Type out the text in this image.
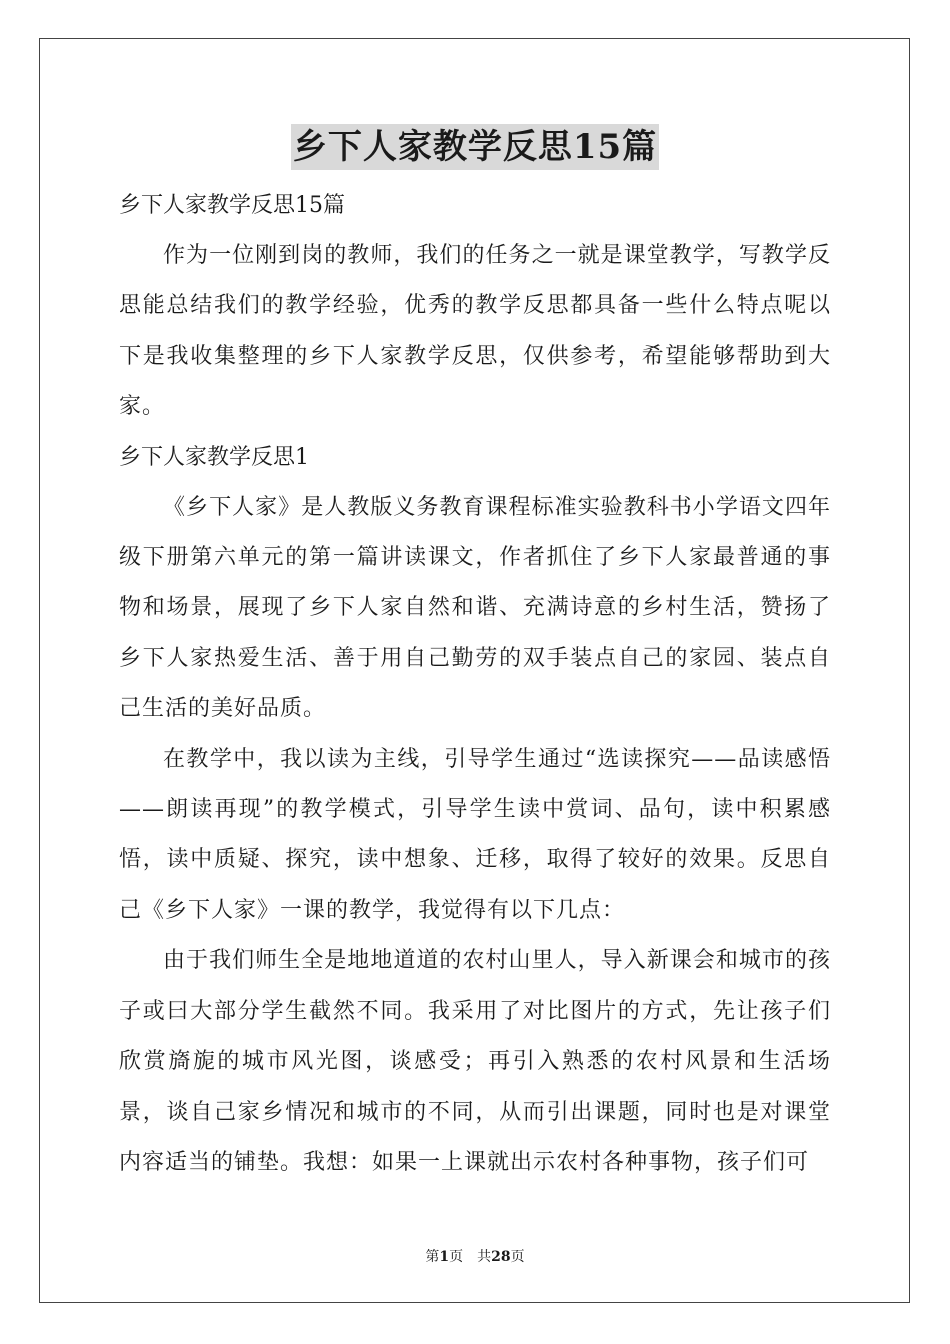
乡下人家教学反思15篇

乡下人家教学反思15篇

作为一位刚到岗的教师，我们的任务之一就是课堂教学，写教学反思能总结我们的教学经验，优秀的教学反思都具备一些什么特点呢以下是我收集整理的乡下人家教学反思，仅供参考，希望能够帮助到大家。

乡下人家教学反思1

《乡下人家》是人教版义务教育课程标准实验教科书小学语文四年级下册第六单元的第一篇讲读课文，作者抓住了乡下人家最普通的事物和场景，展现了乡下人家自然和谐、充满诗意的乡村生活，赞扬了乡下人家热爱生活、善于用自己勤劳的双手装点自己的家园、装点自己生活的美好品质。

在教学中，我以读为主线，引导学生通过“选读探究——品读感悟——朗读再现”的教学模式，引导学生读中赏词、品句，读中积累感悟，读中质疑、探究，读中想象、迁移，取得了较好的效果。反思自己《乡下人家》一课的教学，我觉得有以下几点：

由于我们师生全是地地道道的农村山里人，导入新课会和城市的孩子或曰大部分学生截然不同。我采用了对比图片的方式，先让孩子们欣赏旖旎的城市风光图，谈感受；再引入熟悉的农村风景和生活场景，谈自己家乡情况和城市的不同，从而引出课题，同时也是对课堂内容适当的铺垫。我想：如果一上课就出示农村各种事物，孩子们可

第1页　共28页
